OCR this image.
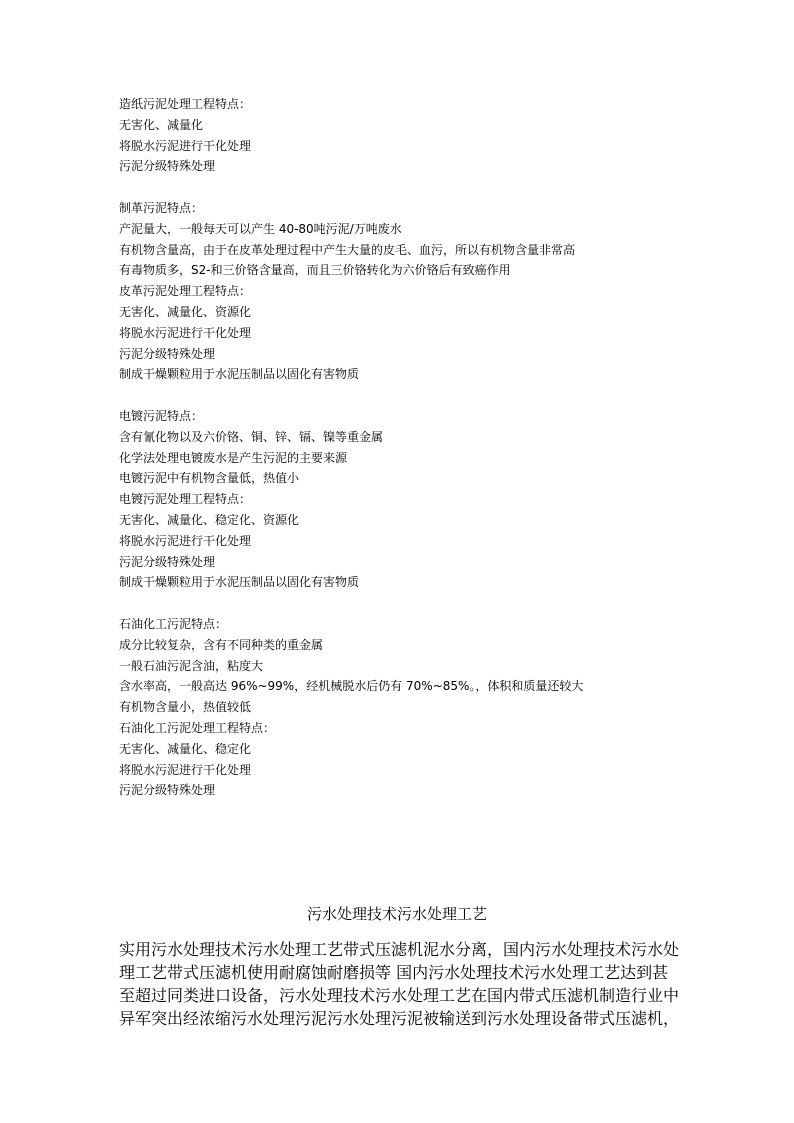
造纸污泥处理工程特点：
无害化、减量化
将脱水污泥进行干化处理
污泥分级特殊处理
制革污泥特点：
产泥量大，一般每天可以产生 40-80吨污泥/万吨废水
有机物含量高，由于在皮革处理过程中产生大量的皮毛、血污，所以有机物含量非常高
有毒物质多，S2-和三价铬含量高，而且三价铬转化为六价铬后有致癌作用
皮革污泥处理工程特点：
无害化、减量化、资源化
将脱水污泥进行干化处理
污泥分级特殊处理
制成干燥颗粒用于水泥压制品以固化有害物质
电镀污泥特点：
含有氰化物以及六价铬、铜、锌、镉、镍等重金属
化学法处理电镀废水是产生污泥的主要来源
电镀污泥中有机物含量低，热值小
电镀污泥处理工程特点：
无害化、减量化、稳定化、资源化
将脱水污泥进行干化处理
污泥分级特殊处理
制成干燥颗粒用于水泥压制品以固化有害物质
石油化工污泥特点：
成分比较复杂，含有不同种类的重金属
一般石油污泥含油，粘度大
含水率高，一般高达 96%~99%，经机械脱水后仍有 70%~85%。，体积和质量还较大
有机物含量小，热值较低
石油化工污泥处理工程特点：
无害化、减量化、稳定化
将脱水污泥进行干化处理
污泥分级特殊处理
污水处理技术污水处理工艺
实用污水处理技术污水处理工艺带式压滤机泥水分离，国内污水处理技术污水处
理工艺带式压滤机使用耐腐蚀耐磨损等 国内污水处理技术污水处理工艺达到甚
至超过同类进口设备，污水处理技术污水处理工艺在国内带式压滤机制造行业中
异军突出经浓缩污水处理污泥污水处理污泥被输送到污水处理设备带式压滤机，
